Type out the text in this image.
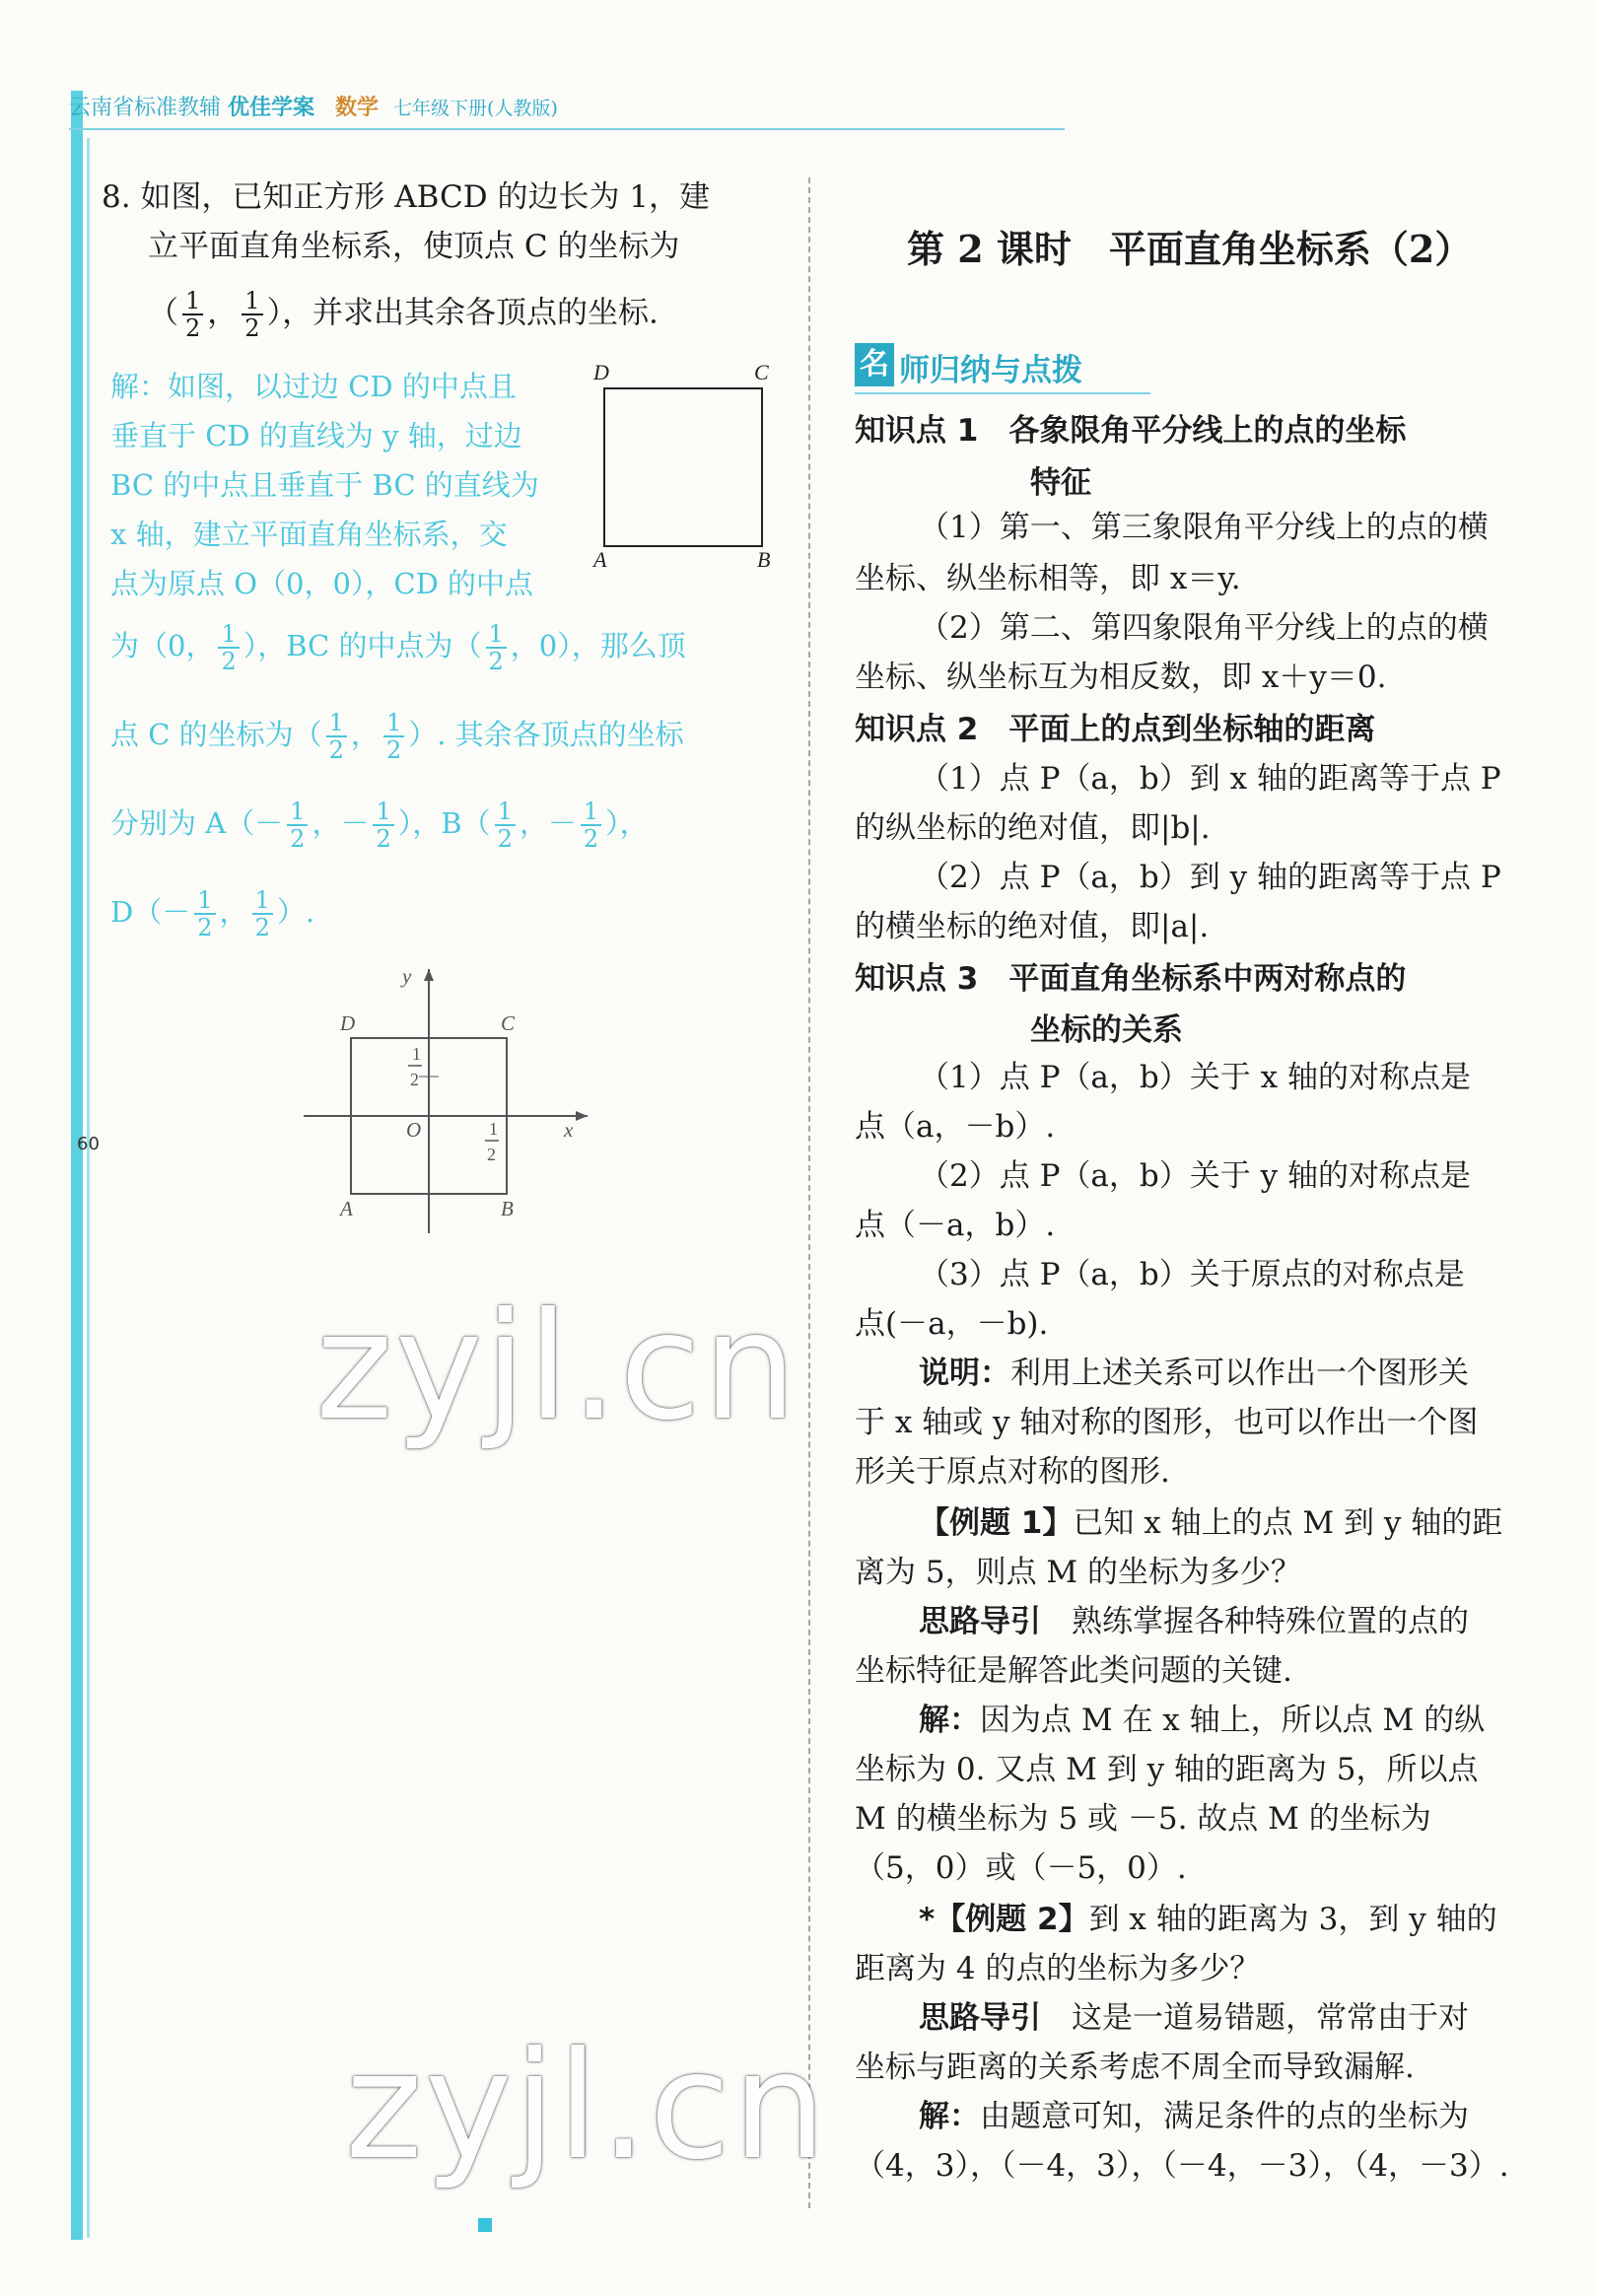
云南省标准教辅 优佳学案 数学 七年级下册(人教版)
60
8. 如图，已知正方形 ABCD 的边长为 1，建
立平面直角坐标系，使顶点 C 的坐标为
（ $\frac{1}{2}$ ， $\frac{1}{2}$ ），并求出其余各顶点的坐标.
D	C
A	B
解：如图，以过边 CD 的中点且
垂直于 CD 的直线为 y 轴，过边
BC 的中点且垂直于 BC 的直线为
x 轴，建立平面直角坐标系，交
点为原点 O（0，0），CD 的中点
为（0， $\frac{1}{2}$ ），BC 的中点为（ $\frac{1}{2}$ ，0），那么顶
点 C 的坐标为（ $\frac{1}{2}$ ， $\frac{1}{2}$ ）. 其余各顶点的坐标
分别为 $A(- \frac{1}{2}$ ，－ $\frac{1}{2}$ ），$B( \frac{1}{2}$ ，－ $\frac{1}{2}$ ），
$D(- \frac{1}{2}$ ， $\frac{1}{2}$ ）.
D	C
A	B
O	x
y
1
2
1
2
zyjl.cn
zyjl.cn
第 2 课时　平面直角坐标系（2）
名 师归纳与点拨
知识点 1　各象限角平分线上的点的坐标
特征
（1）第一、第三象限角平分线上的点的横
坐标、纵坐标相等，即 x＝y.
（2）第二、第四象限角平分线上的点的横
坐标、纵坐标互为相反数，即 x＋y＝0.
知识点 2　平面上的点到坐标轴的距离
（1）点 P（a，b）到 x 轴的距离等于点 P
的纵坐标的绝对值，即|b|.
（2）点 P（a，b）到 y 轴的距离等于点 P
的横坐标的绝对值，即|a|.
知识点 3　平面直角坐标系中两对称点的
坐标的关系
（1）点 P（a，b）关于 x 轴的对称点是
点（a，－b）.
（2）点 P（a，b）关于 y 轴的对称点是
点（－a，b）.
（3）点 P（a，b）关于原点的对称点是
点(－a，－b).
说明：利用上述关系可以作出一个图形关
于 x 轴或 y 轴对称的图形，也可以作出一个图
形关于原点对称的图形.
【例题 1】已知 x 轴上的点 M 到 y 轴的距
离为 5，则点 M 的坐标为多少？
思路导引　 熟练掌握各种特殊位置的点的
坐标特征是解答此类问题的关键.
解：因为点 M 在 x 轴上，所以点 M 的纵
坐标为 0. 又点 M 到 y 轴的距离为 5，所以点
M 的横坐标为 5 或 －5. 故点 M 的坐标为
（5，0）或（－5，0）.
*【例题 2】到 x 轴的距离为 3，到 y 轴的
距离为 4 的点的坐标为多少？
思路导引　 这是一道易错题，常常由于对
坐标与距离的关系考虑不周全而导致漏解.
解：由题意可知，满足条件的点的坐标为
（4，3），（－4，3），（－4，－3），（4，－3）.
